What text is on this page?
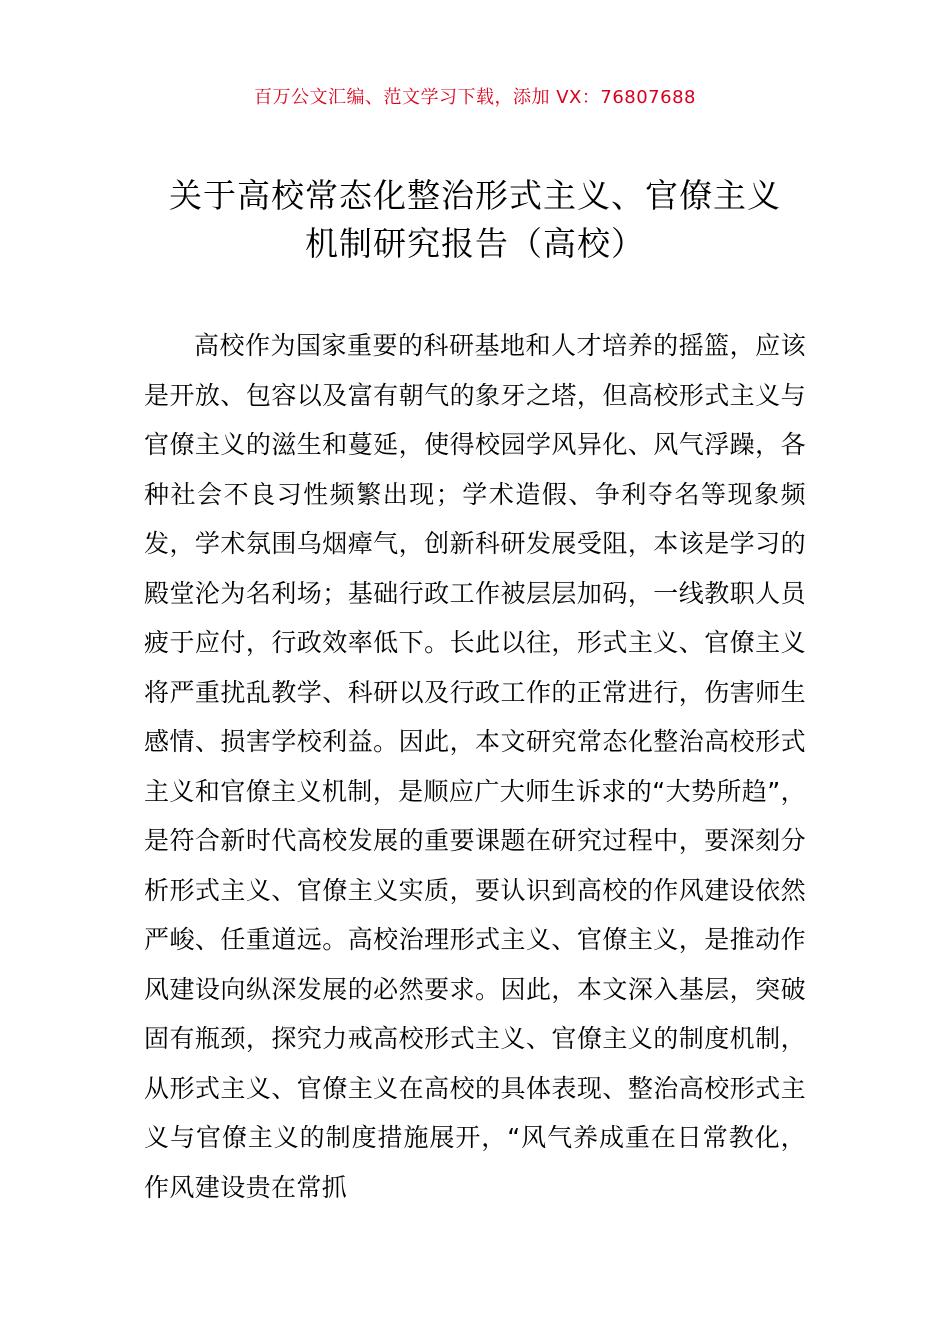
百万公文汇编、范文学习下载，添加 VX：76807688
关于高校常态化整治形式主义、官僚主义
机制研究报告（高校）

高校作为国家重要的科研基地和人才培养的摇篮，应该是开放、包容以及富有朝气的象牙之塔，但高校形式主义与官僚主义的滋生和蔓延，使得校园学风异化、风气浮躁，各种社会不良习性频繁出现；学术造假、争利夺名等现象频发，学术氛围乌烟瘴气，创新科研发展受阻，本该是学习的殿堂沦为名利场；基础行政工作被层层加码，一线教职人员疲于应付，行政效率低下。长此以往，形式主义、官僚主义将严重扰乱教学、科研以及行政工作的正常进行，伤害师生感情、损害学校利益。因此，本文研究常态化整治高校形式主义和官僚主义机制，是顺应广大师生诉求的“大势所趋”，是符合新时代高校发展的重要课题在研究过程中，要深刻分析形式主义、官僚主义实质，要认识到高校的作风建设依然严峻、任重道远。高校治理形式主义、官僚主义，是推动作风建设向纵深发展的必然要求。因此，本文深入基层，突破固有瓶颈，探究力戒高校形式主义、官僚主义的制度机制，从形式主义、官僚主义在高校的具体表现、整治高校形式主义与官僚主义的制度措施展开，“风气养成重在日常教化，作风建设贵在常抓
